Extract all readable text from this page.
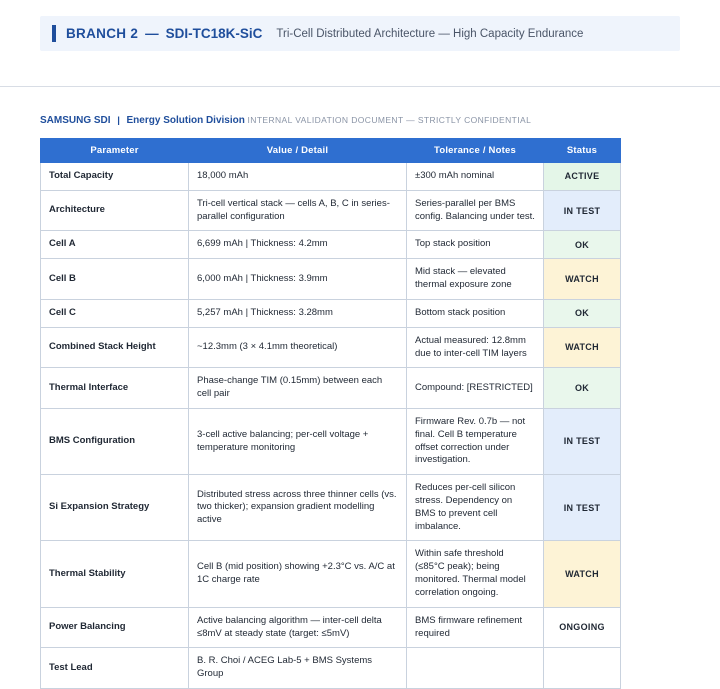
BRANCH 2 — SDI-TC18K-SiC Tri-Cell Distributed Architecture — High Capacity Endurance
SAMSUNG SDI | Energy Solution Division INTERNAL VALIDATION DOCUMENT — STRICTLY CONFIDENTIAL
Parameter	Value / Detail	Tolerance / Notes	Status
Total Capacity	18,000 mAh	±300 mAh nominal	ACTIVE
Architecture	Tri-cell vertical stack — cells A, B, C in series-parallel configuration	Series-parallel per BMS config. Balancing under test.	IN TEST
Cell A	6,699 mAh | Thickness: 4.2mm	Top stack position	OK
Cell B	6,000 mAh | Thickness: 3.9mm	Mid stack — elevated thermal exposure zone	WATCH
Cell C	5,257 mAh | Thickness: 3.28mm	Bottom stack position	OK
Combined Stack Height	~12.3mm (3 × 4.1mm theoretical)	Actual measured: 12.8mm due to inter-cell TIM layers	WATCH
Thermal Interface	Phase-change TIM (0.15mm) between each cell pair	Compound: [RESTRICTED]	OK
BMS Configuration	3-cell active balancing; per-cell voltage + temperature monitoring	Firmware Rev. 0.7b — not final. Cell B temperature offset correction under investigation.	IN TEST
Si Expansion Strategy	Distributed stress across three thinner cells (vs. two thicker); expansion gradient modelling active	Reduces per-cell silicon stress. Dependency on BMS to prevent cell imbalance.	IN TEST
Thermal Stability	Cell B (mid position) showing +2.3°C vs. A/C at 1C charge rate	Within safe threshold (≤85°C peak); being monitored. Thermal model correlation ongoing.	WATCH
Power Balancing	Active balancing algorithm — inter-cell delta ≤8mV at steady state (target: ≤5mV)	BMS firmware refinement required	ONGOING
Test Lead	B. R. Choi / ACEG Lab-5 + BMS Systems Group		
